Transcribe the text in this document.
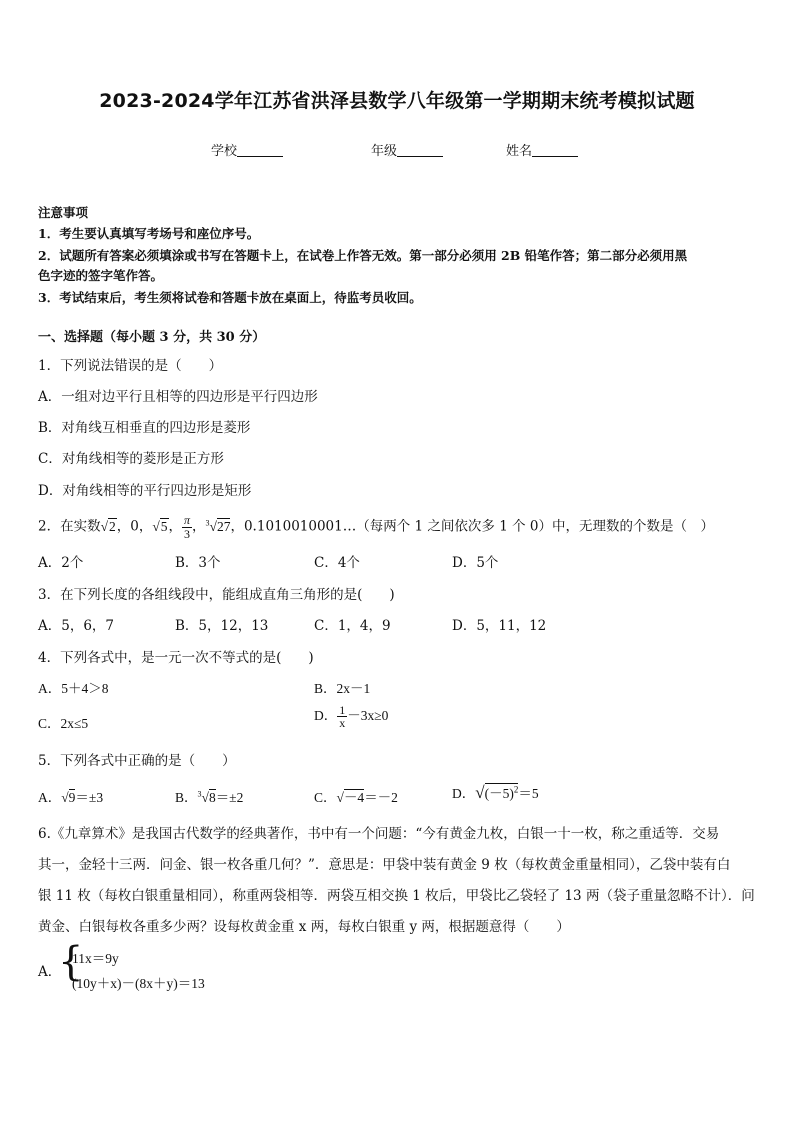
2023-2024学年江苏省洪泽县数学八年级第一学期期末统考模拟试题
学校	年级	姓名
注意事项
1．考生要认真填写考场号和座位序号。
2．试题所有答案必须填涂或书写在答题卡上，在试卷上作答无效。第一部分必须用 2B 铅笔作答；第二部分必须用黑
色字迹的签字笔作答。
3．考试结束后，考生须将试卷和答题卡放在桌面上，待监考员收回。
一、选择题（每小题 3 分，共 30 分）
1．下列说法错误的是（　　）
A．一组对边平行且相等的四边形是平行四边形
B．对角线互相垂直的四边形是菱形
C．对角线相等的菱形是正方形
D．对角线相等的平行四边形是矩形
2．在实数√2，0，√5， $\frac{\pi}{3}$ ，$^3$√27，0.1010010001…（每两个 1 之间依次多 1 个 0）中，无理数的个数是（　）
A．2个	B．3个	C．4个	D．5个
3．在下列长度的各组线段中，能组成直角三角形的是(　　)
A．5，6，7	B．5，12，13	C．1，4，9	D．5，11，12
4．下列各式中，是一元一次不等式的是(　　)
A．5＋4＞8	B．2x－1
C．2x≤5
D． $\frac{1}{x} -3x\ge 0$
5．下列各式中正确的是（　　）
A．√9＝±3	B．$^3$√8＝±2	C．√－4＝－2	D．$√(-5)^2=5$
6.《九章算术》是我国古代数学的经典著作，书中有一个问题：“今有黄金九枚，白银一十一枚，称之重适等．交易
其一，金轻十三两．问金、银一枚各重几何？”．意思是：甲袋中装有黄金 9 枚（每枚黄金重量相同），乙袋中装有白
银 11 枚（每枚白银重量相同），称重两袋相等．两袋互相交换 1 枚后，甲袋比乙袋轻了 13 两（袋子重量忽略不计）．问
黄金、白银每枚各重多少两？设每枚黄金重 x 两，每枚白银重 y 两，根据题意得（　　）
A．
{
11x＝9y
(10y＋x)－(8x＋y)＝13
